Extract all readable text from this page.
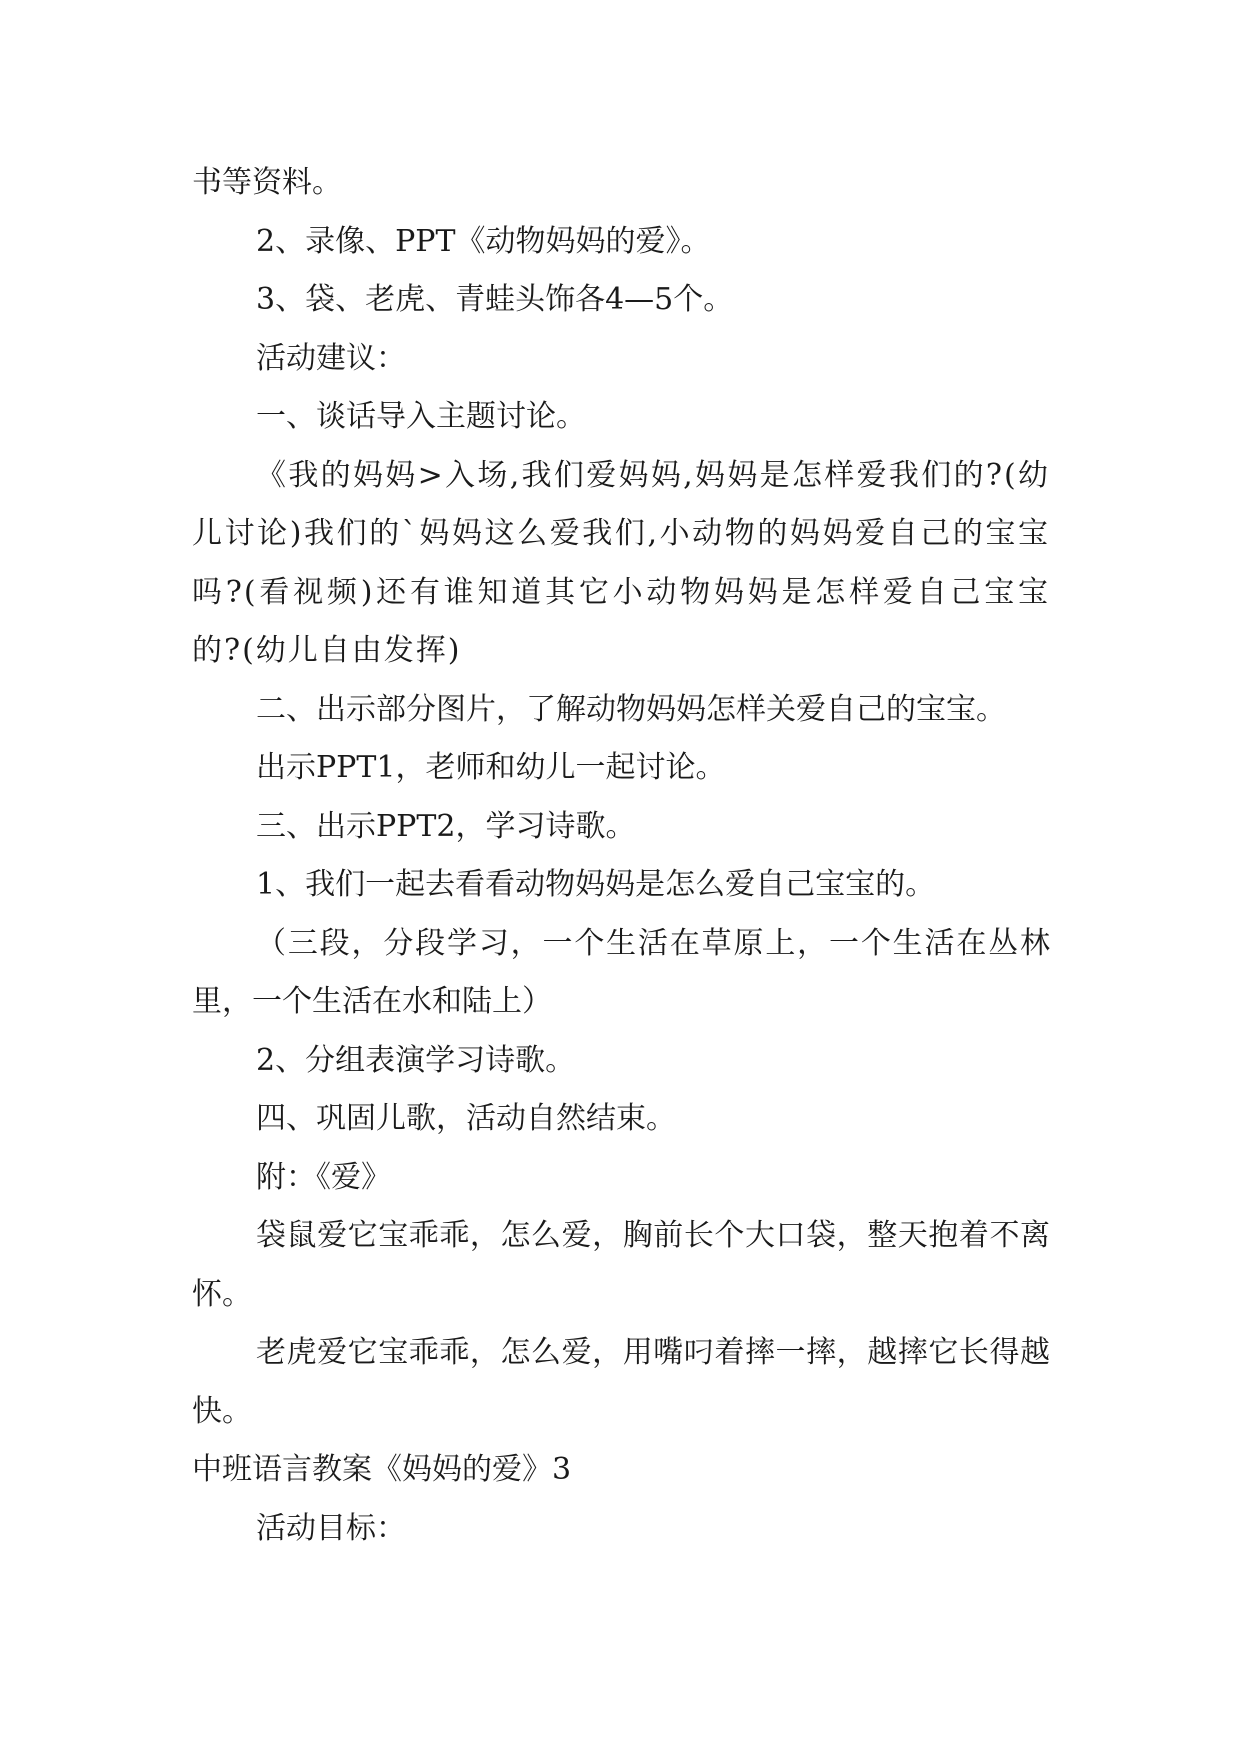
书等资料。

2、录像、PPT《动物妈妈的爱》。

3、袋、老虎、青蛙头饰各4—5个。

活动建议：

一、谈话导入主题讨论。

《我的妈妈>入场,我们爱妈妈,妈妈是怎样爱我们的?(幼儿讨论)我们的`妈妈这么爱我们,小动物的妈妈爱自己的宝宝吗?(看视频)还有谁知道其它小动物妈妈是怎样爱自己宝宝的?(幼儿自由发挥)

二、出示部分图片，了解动物妈妈怎样关爱自己的宝宝。

出示PPT1，老师和幼儿一起讨论。

三、出示PPT2，学习诗歌。

1、我们一起去看看动物妈妈是怎么爱自己宝宝的。

（三段，分段学习，一个生活在草原上，一个生活在丛林里，一个生活在水和陆上）

2、分组表演学习诗歌。

四、巩固儿歌，活动自然结束。

附：《爱》

袋鼠爱它宝乖乖，怎么爱，胸前长个大口袋，整天抱着不离怀。

老虎爱它宝乖乖，怎么爱，用嘴叼着摔一摔，越摔它长得越快。

中班语言教案《妈妈的爱》3

活动目标：
